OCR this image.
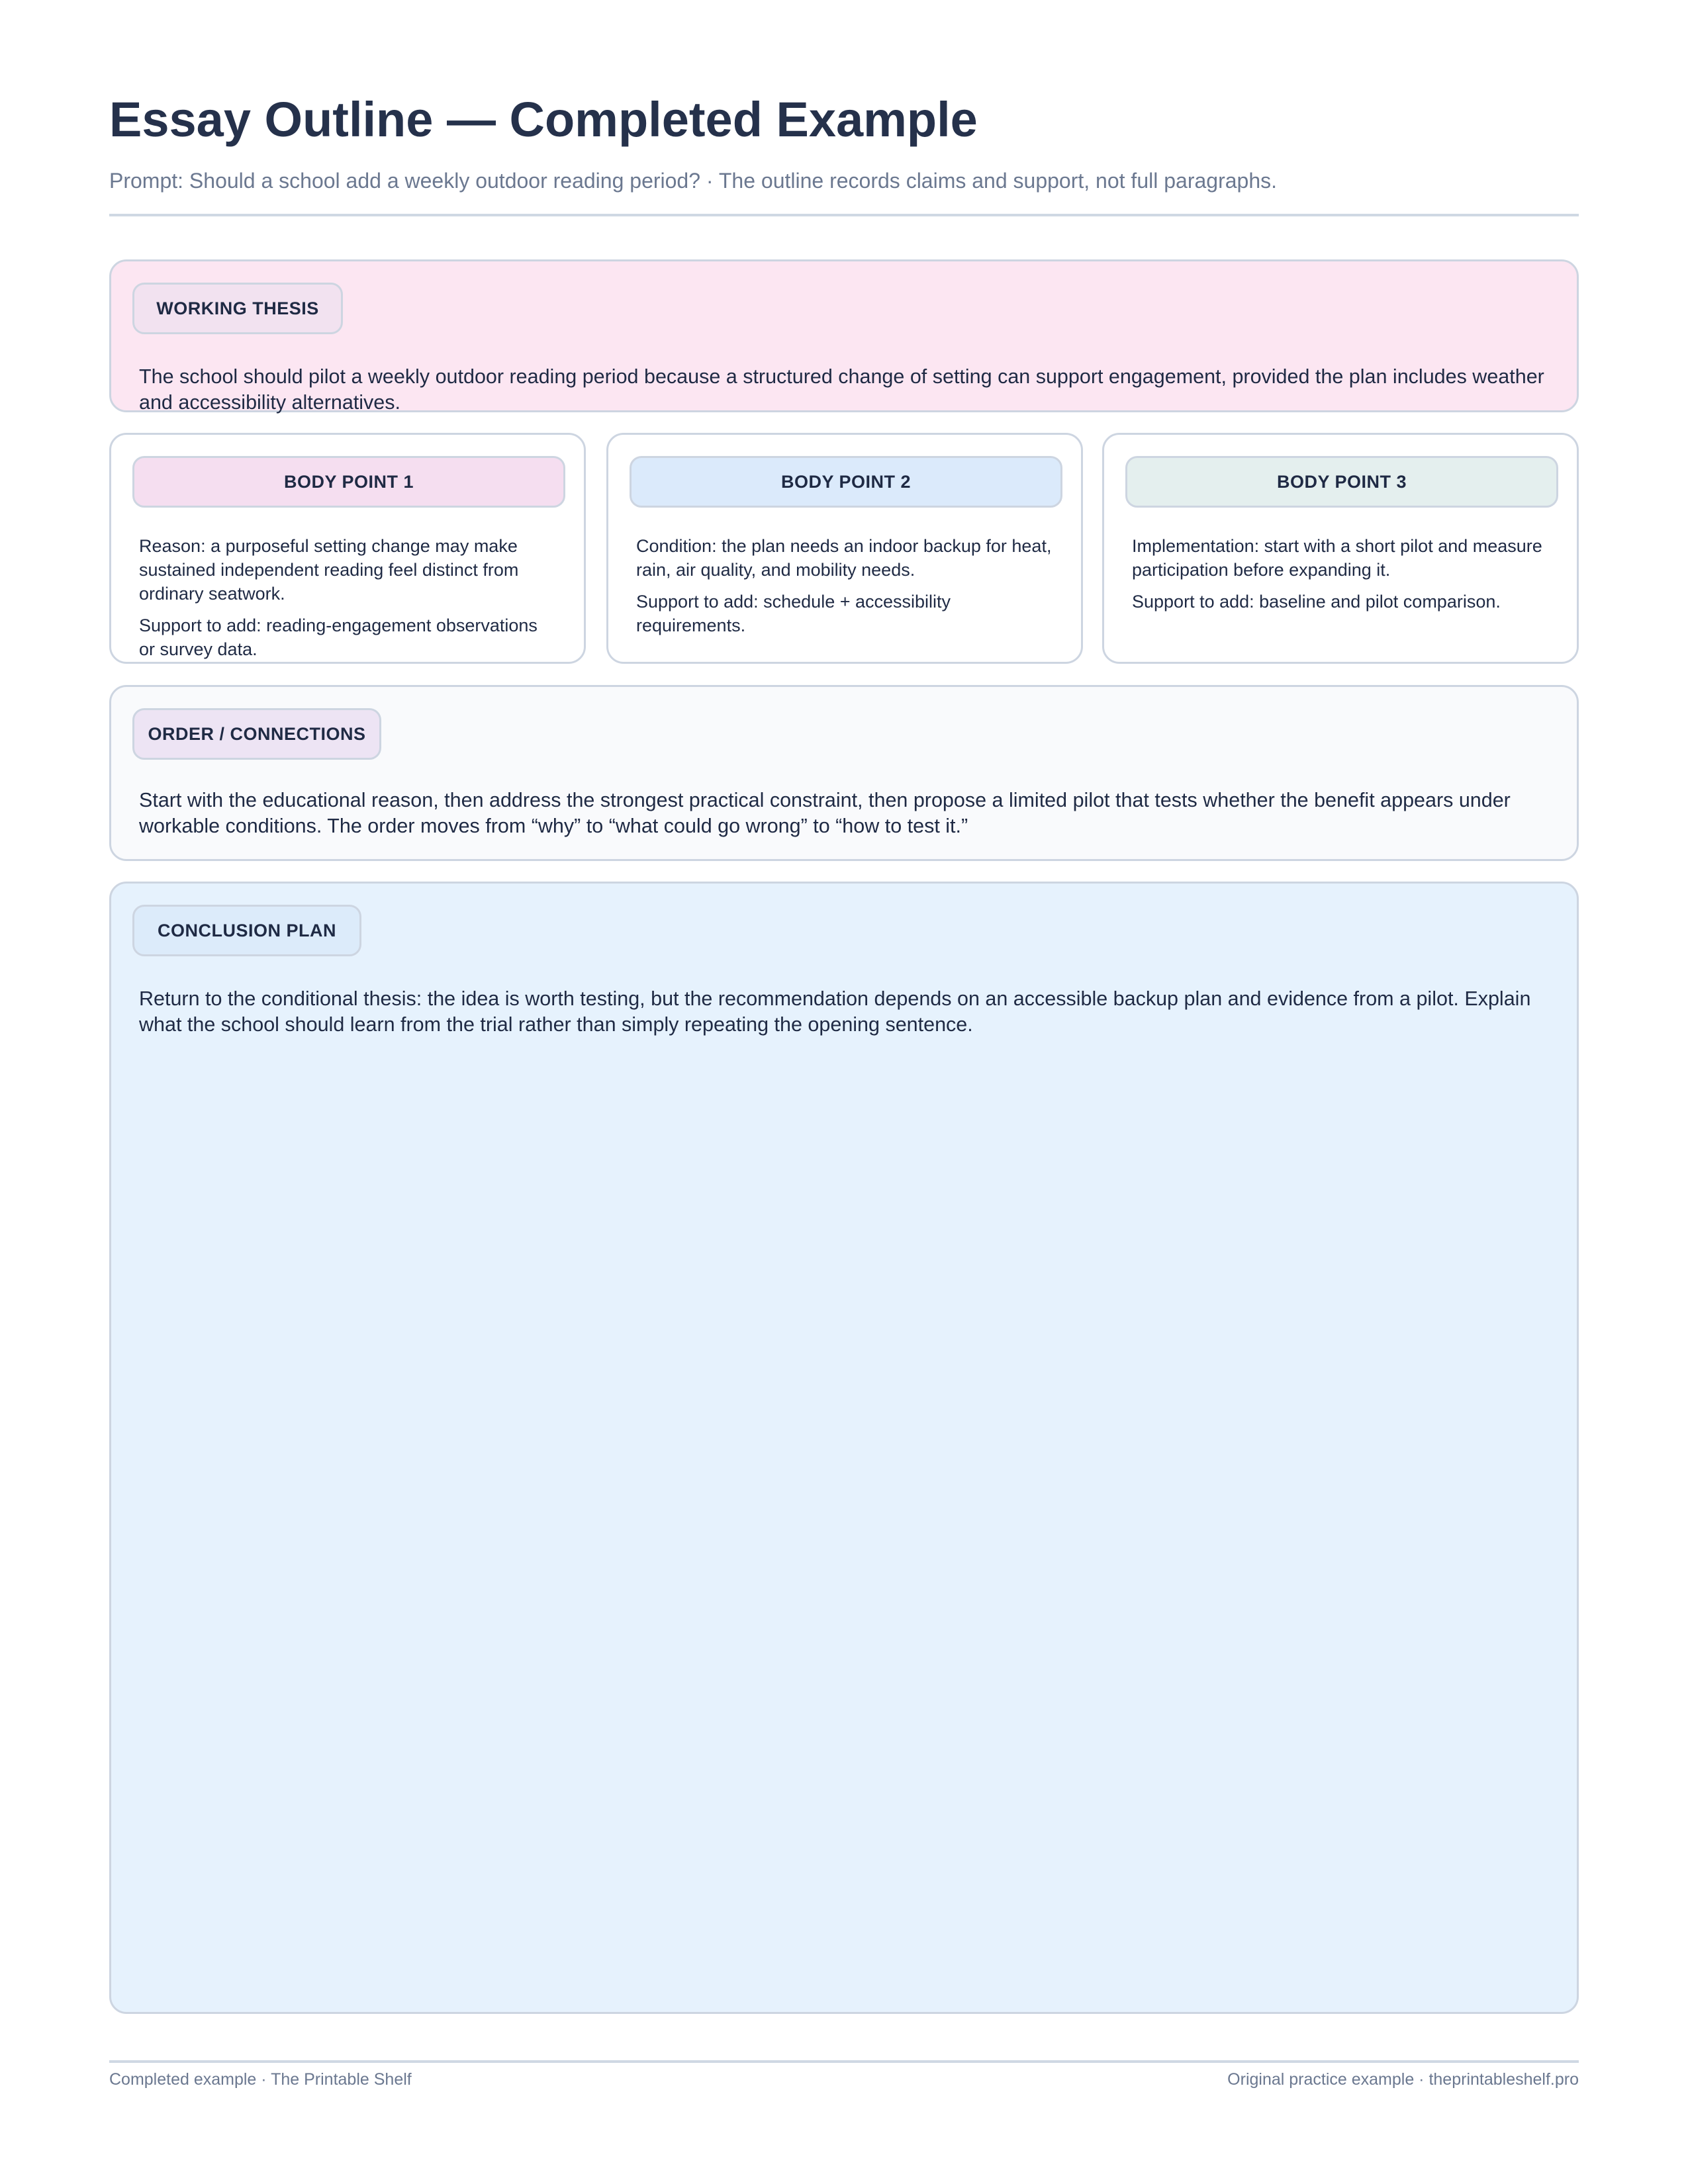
Essay Outline — Completed Example

Prompt: Should a school add a weekly outdoor reading period? · The outline records claims and support, not full paragraphs.

WORKING THESIS

The school should pilot a weekly outdoor reading period because a structured change of setting can support engagement, provided the plan includes weather and accessibility alternatives.

BODY POINT 1

Reason: a purposeful setting change may make sustained independent reading feel distinct from ordinary seatwork.

Support to add: reading-engagement observations or survey data.

BODY POINT 2

Condition: the plan needs an indoor backup for heat, rain, air quality, and mobility needs.

Support to add: schedule + accessibility requirements.

BODY POINT 3

Implementation: start with a short pilot and measure participation before expanding it.

Support to add: baseline and pilot comparison.

ORDER / CONNECTIONS

Start with the educational reason, then address the strongest practical constraint, then propose a limited pilot that tests whether the benefit appears under workable conditions. The order moves from “why” to “what could go wrong” to “how to test it.”

CONCLUSION PLAN

Return to the conditional thesis: the idea is worth testing, but the recommendation depends on an accessible backup plan and evidence from a pilot. Explain what the school should learn from the trial rather than simply repeating the opening sentence.

Completed example · The Printable Shelf	Original practice example · theprintableshelf.pro
